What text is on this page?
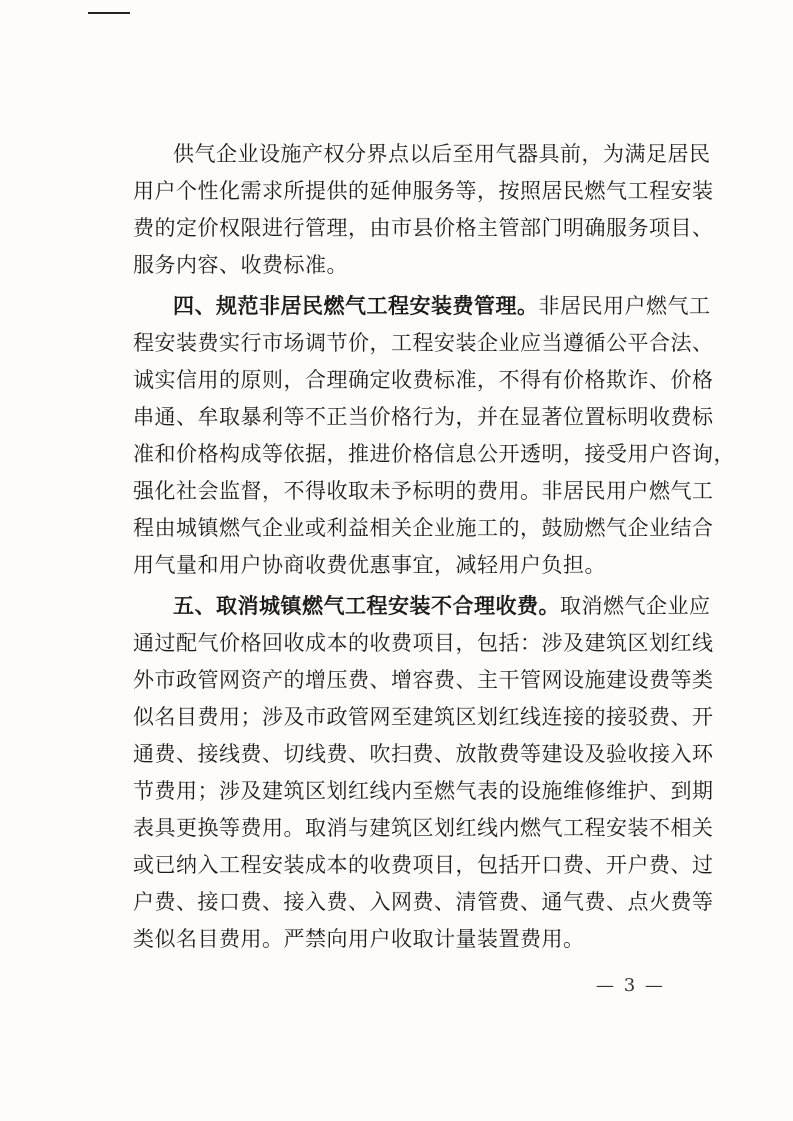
供气企业设施产权分界点以后至用气器具前，为满足居民
用户个性化需求所提供的延伸服务等，按照居民燃气工程安装
费的定价权限进行管理，由市县价格主管部门明确服务项目、
服务内容、收费标准。
四、规范非居民燃气工程安装费管理。非居民用户燃气工
程安装费实行市场调节价，工程安装企业应当遵循公平合法、
诚实信用的原则，合理确定收费标准，不得有价格欺诈、价格
串通、牟取暴利等不正当价格行为，并在显著位置标明收费标
准和价格构成等依据，推进价格信息公开透明，接受用户咨询，
强化社会监督，不得收取未予标明的费用。非居民用户燃气工
程由城镇燃气企业或利益相关企业施工的，鼓励燃气企业结合
用气量和用户协商收费优惠事宜，减轻用户负担。
五、取消城镇燃气工程安装不合理收费。取消燃气企业应
通过配气价格回收成本的收费项目，包括：涉及建筑区划红线
外市政管网资产的增压费、增容费、主干管网设施建设费等类
似名目费用；涉及市政管网至建筑区划红线连接的接驳费、开
通费、接线费、切线费、吹扫费、放散费等建设及验收接入环
节费用；涉及建筑区划红线内至燃气表的设施维修维护、到期
表具更换等费用。取消与建筑区划红线内燃气工程安装不相关
或已纳入工程安装成本的收费项目，包括开口费、开户费、过
户费、接口费、接入费、入网费、清管费、通气费、点火费等
类似名目费用。严禁向用户收取计量装置费用。
— 3 —
